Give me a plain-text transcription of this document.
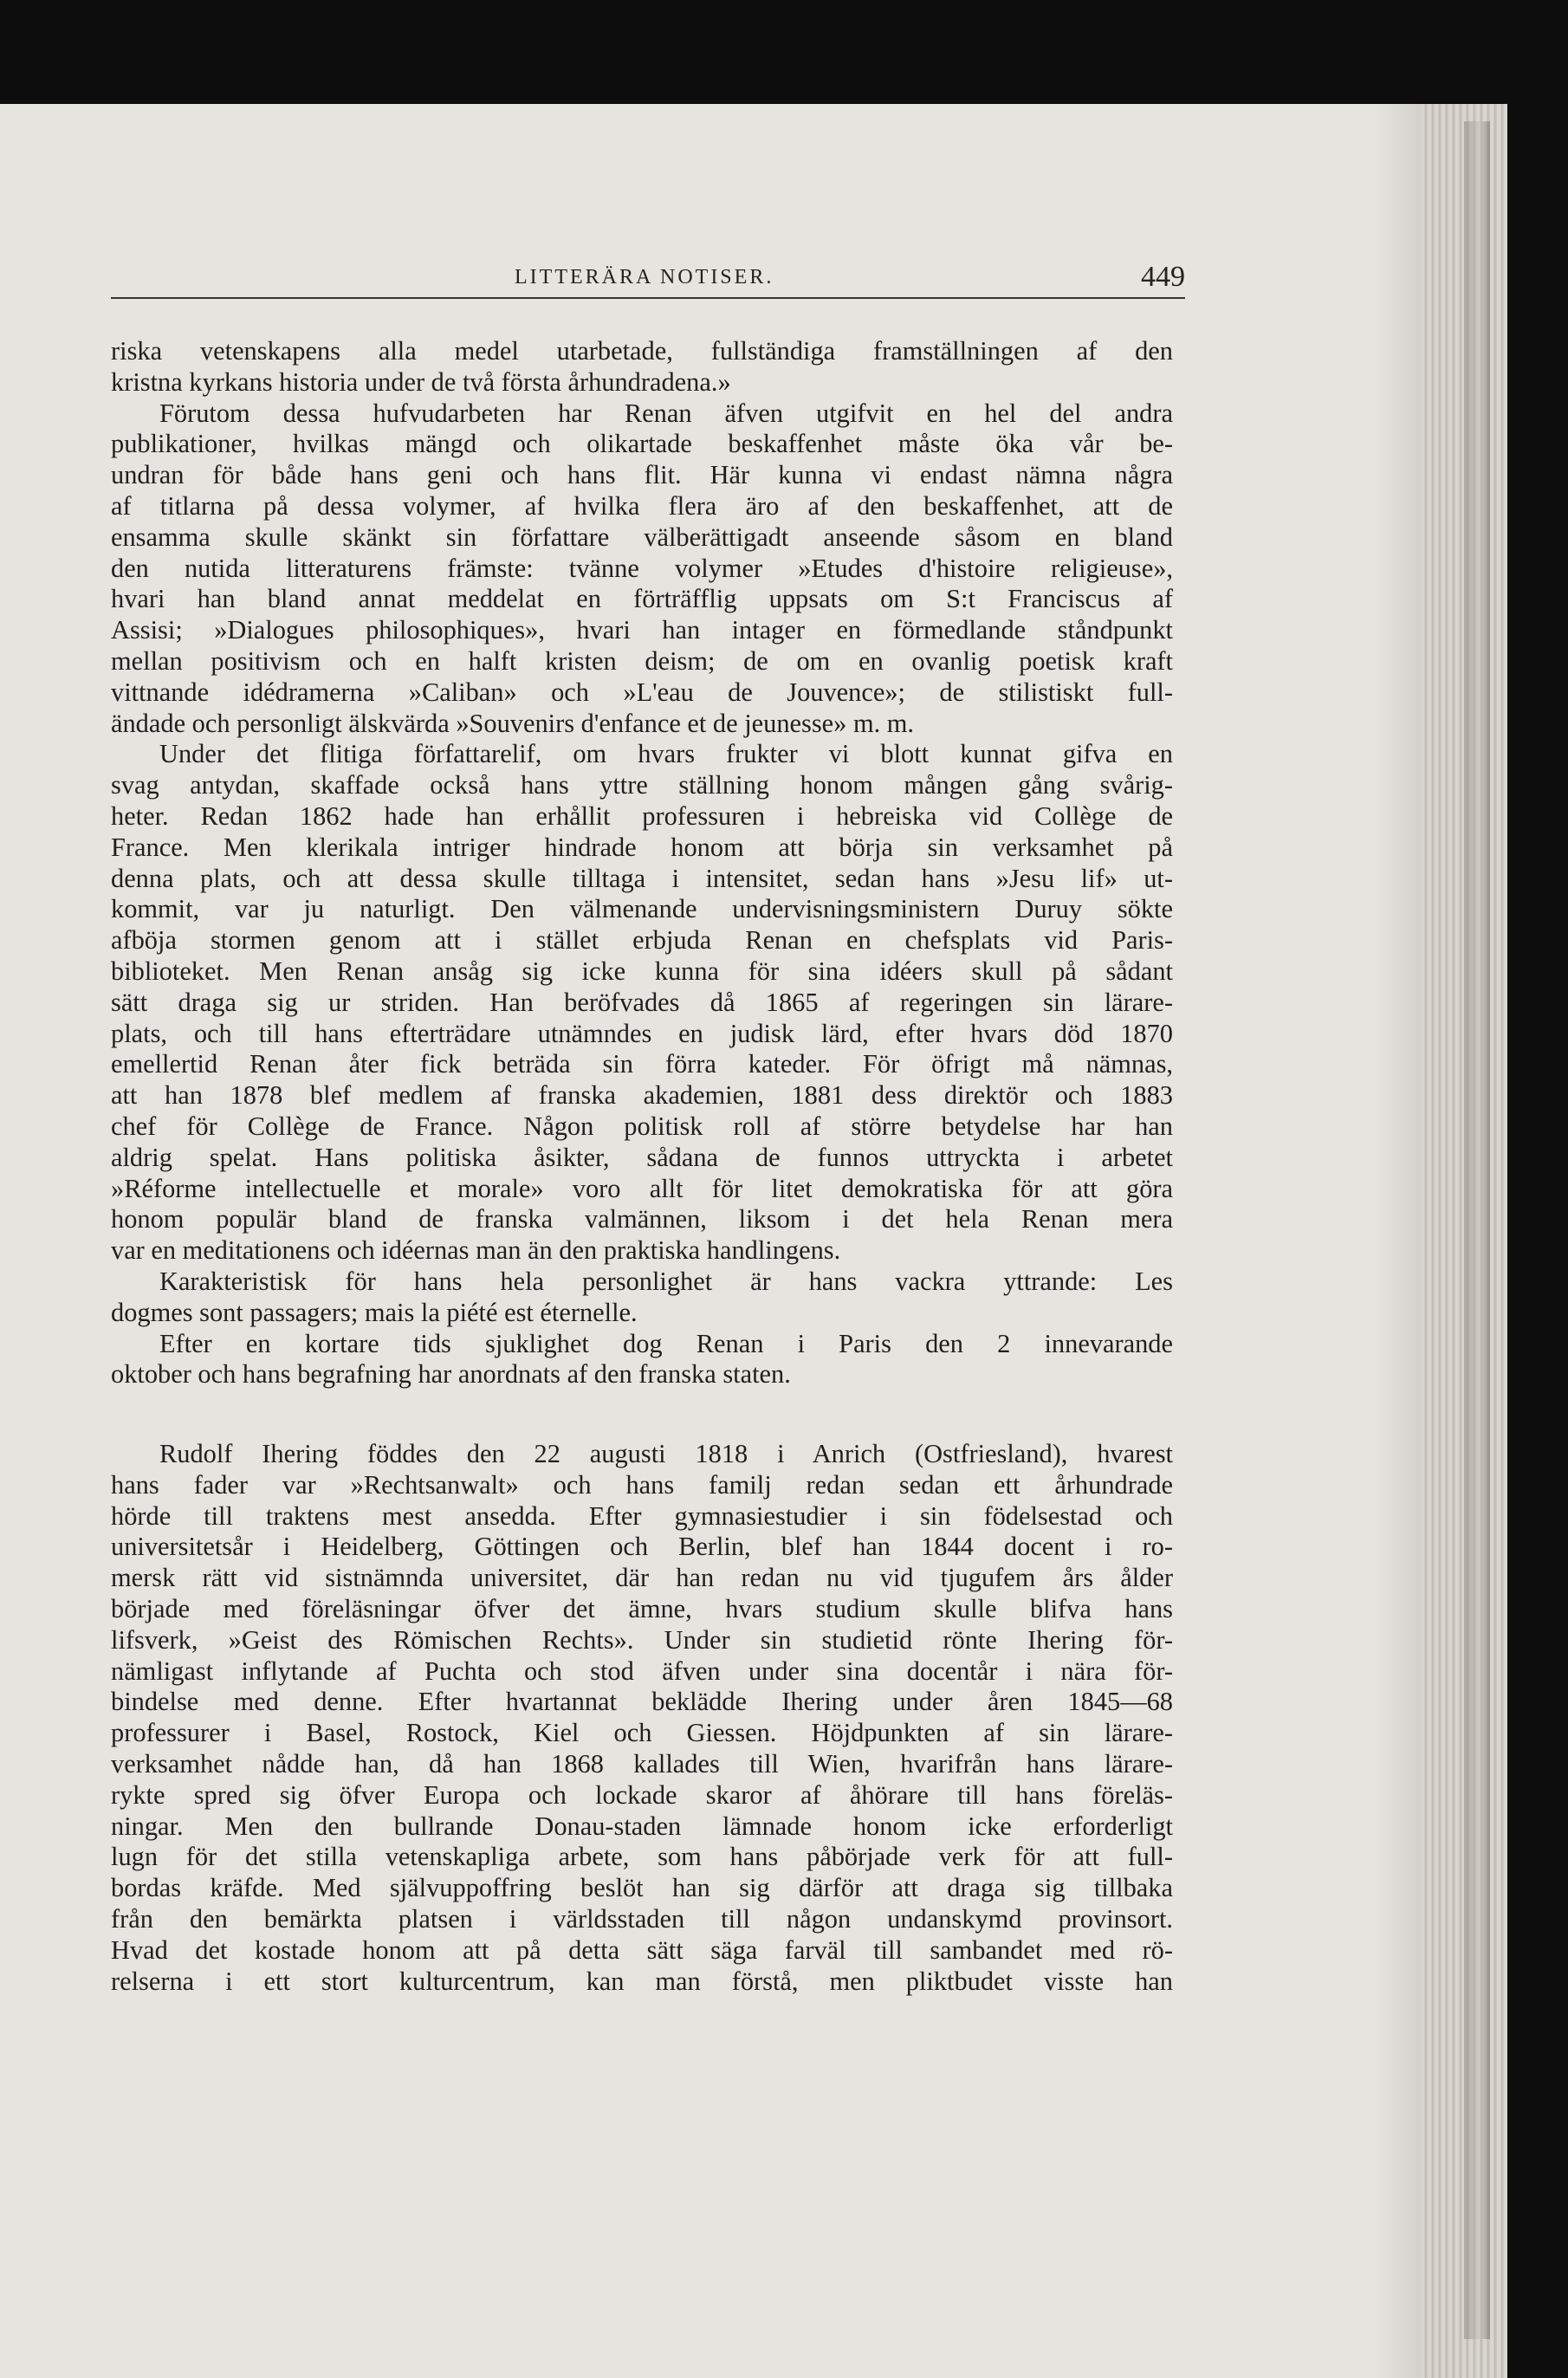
LITTERÄRA NOTISER.	449
riska vetenskapens alla medel utarbetade, fullständiga framställningen af den
kristna kyrkans historia under de två första århundradena.»
Förutom dessa hufvudarbeten har Renan äfven utgifvit en hel del andra
publikationer, hvilkas mängd och olikartade beskaffenhet måste öka vår be-
undran för både hans geni och hans flit. Här kunna vi endast nämna några
af titlarna på dessa volymer, af hvilka flera äro af den beskaffenhet, att de
ensamma skulle skänkt sin författare välberättigadt anseende såsom en bland
den nutida litteraturens främste: tvänne volymer »Etudes d'histoire religieuse»,
hvari han bland annat meddelat en förträfflig uppsats om S:t Franciscus af
Assisi; »Dialogues philosophiques», hvari han intager en förmedlande ståndpunkt
mellan positivism och en halft kristen deism; de om en ovanlig poetisk kraft
vittnande idédramerna »Caliban» och »L'eau de Jouvence»; de stilistiskt full-
ändade och personligt älskvärda »Souvenirs d'enfance et de jeunesse» m. m.
Under det flitiga författarelif, om hvars frukter vi blott kunnat gifva en
svag antydan, skaffade också hans yttre ställning honom mången gång svårig-
heter. Redan 1862 hade han erhållit professuren i hebreiska vid Collège de
France. Men klerikala intriger hindrade honom att börja sin verksamhet på
denna plats, och att dessa skulle tilltaga i intensitet, sedan hans »Jesu lif» ut-
kommit, var ju naturligt. Den välmenande undervisningsministern Duruy sökte
afböja stormen genom att i stället erbjuda Renan en chefsplats vid Paris-
biblioteket. Men Renan ansåg sig icke kunna för sina idéers skull på sådant
sätt draga sig ur striden. Han beröfvades då 1865 af regeringen sin lärare-
plats, och till hans efterträdare utnämndes en judisk lärd, efter hvars död 1870
emellertid Renan åter fick beträda sin förra kateder. För öfrigt må nämnas,
att han 1878 blef medlem af franska akademien, 1881 dess direktör och 1883
chef för Collège de France. Någon politisk roll af större betydelse har han
aldrig spelat. Hans politiska åsikter, sådana de funnos uttryckta i arbetet
»Réforme intellectuelle et morale» voro allt för litet demokratiska för att göra
honom populär bland de franska valmännen, liksom i det hela Renan mera
var en meditationens och idéernas man än den praktiska handlingens.
Karakteristisk för hans hela personlighet är hans vackra yttrande: Les
dogmes sont passagers; mais la piété est éternelle.
Efter en kortare tids sjuklighet dog Renan i Paris den 2 innevarande
oktober och hans begrafning har anordnats af den franska staten.
Rudolf Ihering föddes den 22 augusti 1818 i Anrich (Ostfriesland), hvarest
hans fader var »Rechtsanwalt» och hans familj redan sedan ett århundrade
hörde till traktens mest ansedda. Efter gymnasiestudier i sin födelsestad och
universitetsår i Heidelberg, Göttingen och Berlin, blef han 1844 docent i ro-
mersk rätt vid sistnämnda universitet, där han redan nu vid tjugufem års ålder
började med föreläsningar öfver det ämne, hvars studium skulle blifva hans
lifsverk, »Geist des Römischen Rechts». Under sin studietid rönte Ihering för-
nämligast inflytande af Puchta och stod äfven under sina docentår i nära för-
bindelse med denne. Efter hvartannat beklädde Ihering under åren 1845—68
professurer i Basel, Rostock, Kiel och Giessen. Höjdpunkten af sin lärare-
verksamhet nådde han, då han 1868 kallades till Wien, hvarifrån hans lärare-
rykte spred sig öfver Europa och lockade skaror af åhörare till hans föreläs-
ningar. Men den bullrande Donau-staden lämnade honom icke erforderligt
lugn för det stilla vetenskapliga arbete, som hans påbörjade verk för att full-
bordas kräfde. Med självuppoffring beslöt han sig därför att draga sig tillbaka
från den bemärkta platsen i världsstaden till någon undanskymd provinsort.
Hvad det kostade honom att på detta sätt säga farväl till sambandet med rö-
relserna i ett stort kulturcentrum, kan man förstå, men pliktbudet visste han
